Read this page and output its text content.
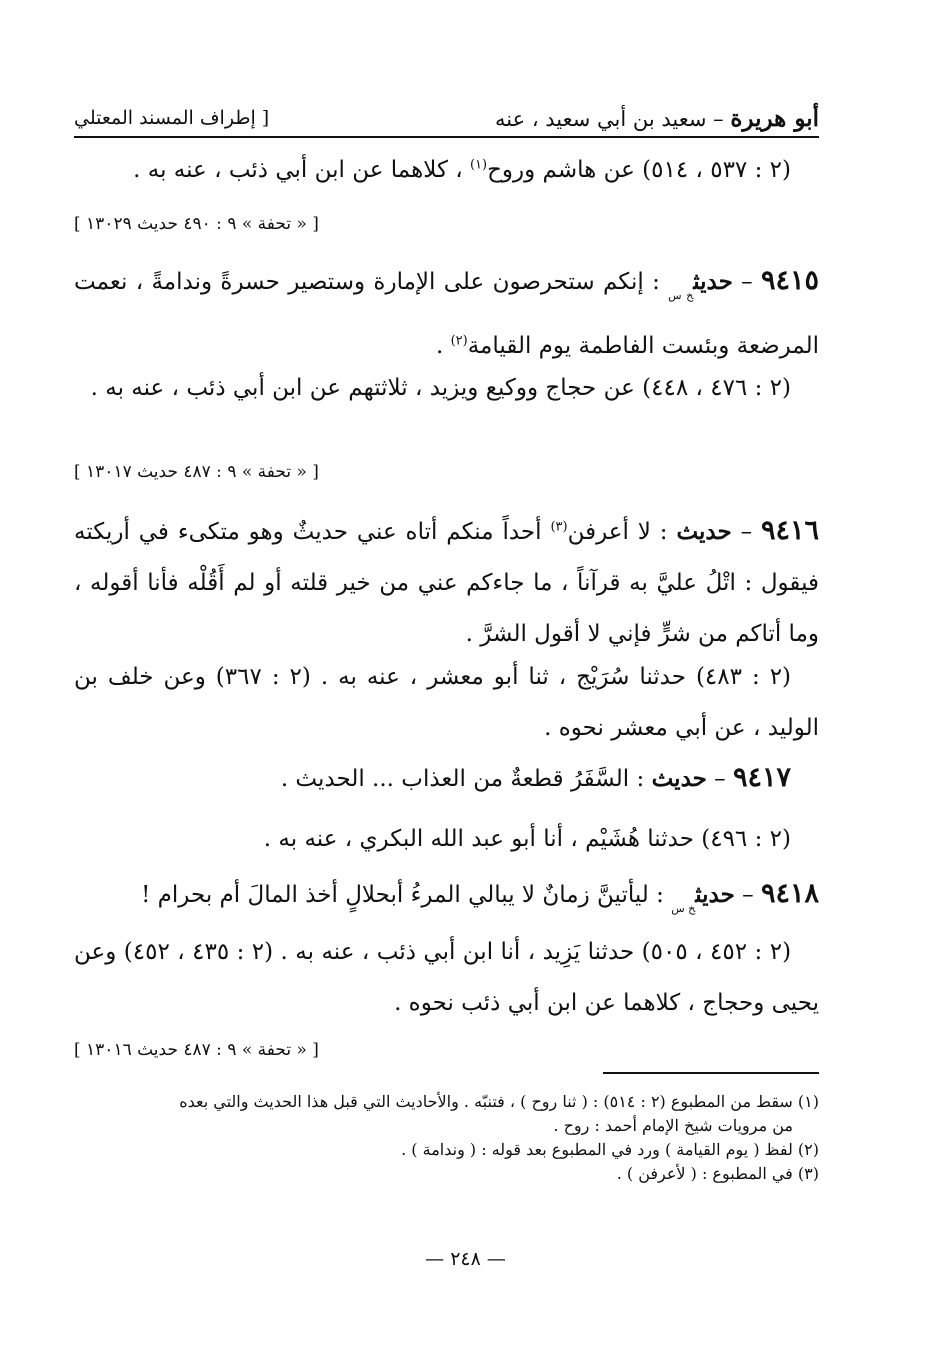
أبو هريرة – سعيد بن أبي سعيد ، عنه
[ إطراف المسند المعتلي
(٢ : ٥٣٧ ، ٥١٤) عن هاشم وروح$^{(١)}$ ، كلاهما عن ابن أبي ذئب ، عنه به .
[ « تحفة » ٩ : ٤٩٠ حديث ١٣٠٢٩ ]
٩٤١٥ – حديث$_{خ س}$ : إنكم ستحرصون على الإمارة وستصير حسرةً وندامةً ، نعمت المرضعة وبئست الفاطمة يوم القيامة$^{(٢)}$ .
(٢ : ٤٧٦ ، ٤٤٨) عن حجاج ووكيع ويزيد ، ثلاثتهم عن ابن أبي ذئب ، عنه به .
[ « تحفة » ٩ : ٤٨٧ حديث ١٣٠١٧ ]
٩٤١٦ – حديث : لا أعرفن$^{(٣)}$ أحداً منكم أتاه عني حديثٌ وهو متكىء في أريكته فيقول : اتْلُ عليَّ به قرآناً ، ما جاءكم عني من خير قلته أو لم أَقُلْه فأنا أقوله ، وما أتاكم من شرٍّ فإني لا أقول الشرَّ .
(٢ : ٤٨٣) حدثنا سُرَيْج ، ثنا أبو معشر ، عنه به . (٢ : ٣٦٧) وعن خلف بن الوليد ، عن أبي معشر نحوه .
٩٤١٧ – حديث : السَّفَرُ قطعةٌ من العذاب ... الحديث .
(٢ : ٤٩٦) حدثنا هُشَيْم ، أنا أبو عبد الله البكري ، عنه به .
٩٤١٨ – حديث$_{خ س}$ : ليأتينَّ زمانٌ لا يبالي المرءُ أبحلالٍ أخذ المالَ أم بحرام !
(٢ : ٤٥٢ ، ٥٠٥) حدثنا يَزِيد ، أنا ابن أبي ذئب ، عنه به . (٢ : ٤٣٥ ، ٤٥٢) وعن يحيى وحجاج ، كلاهما عن ابن أبي ذئب نحوه .
[ « تحفة » ٩ : ٤٨٧ حديث ١٣٠١٦ ]

(١) سقط من المطبوع (٢ : ٥١٤) : ( ثنا روح ) ، فتنبّه . والأحاديث التي قبل هذا الحديث والتي بعده

من مرويات شيخ الإمام أحمد : روح .

(٢) لفظ ( يوم القيامة ) ورد في المطبوع بعد قوله : ( وندامة ) .

(٣) في المطبوع : ( لأعرفن ) .

— ٢٤٨ —
